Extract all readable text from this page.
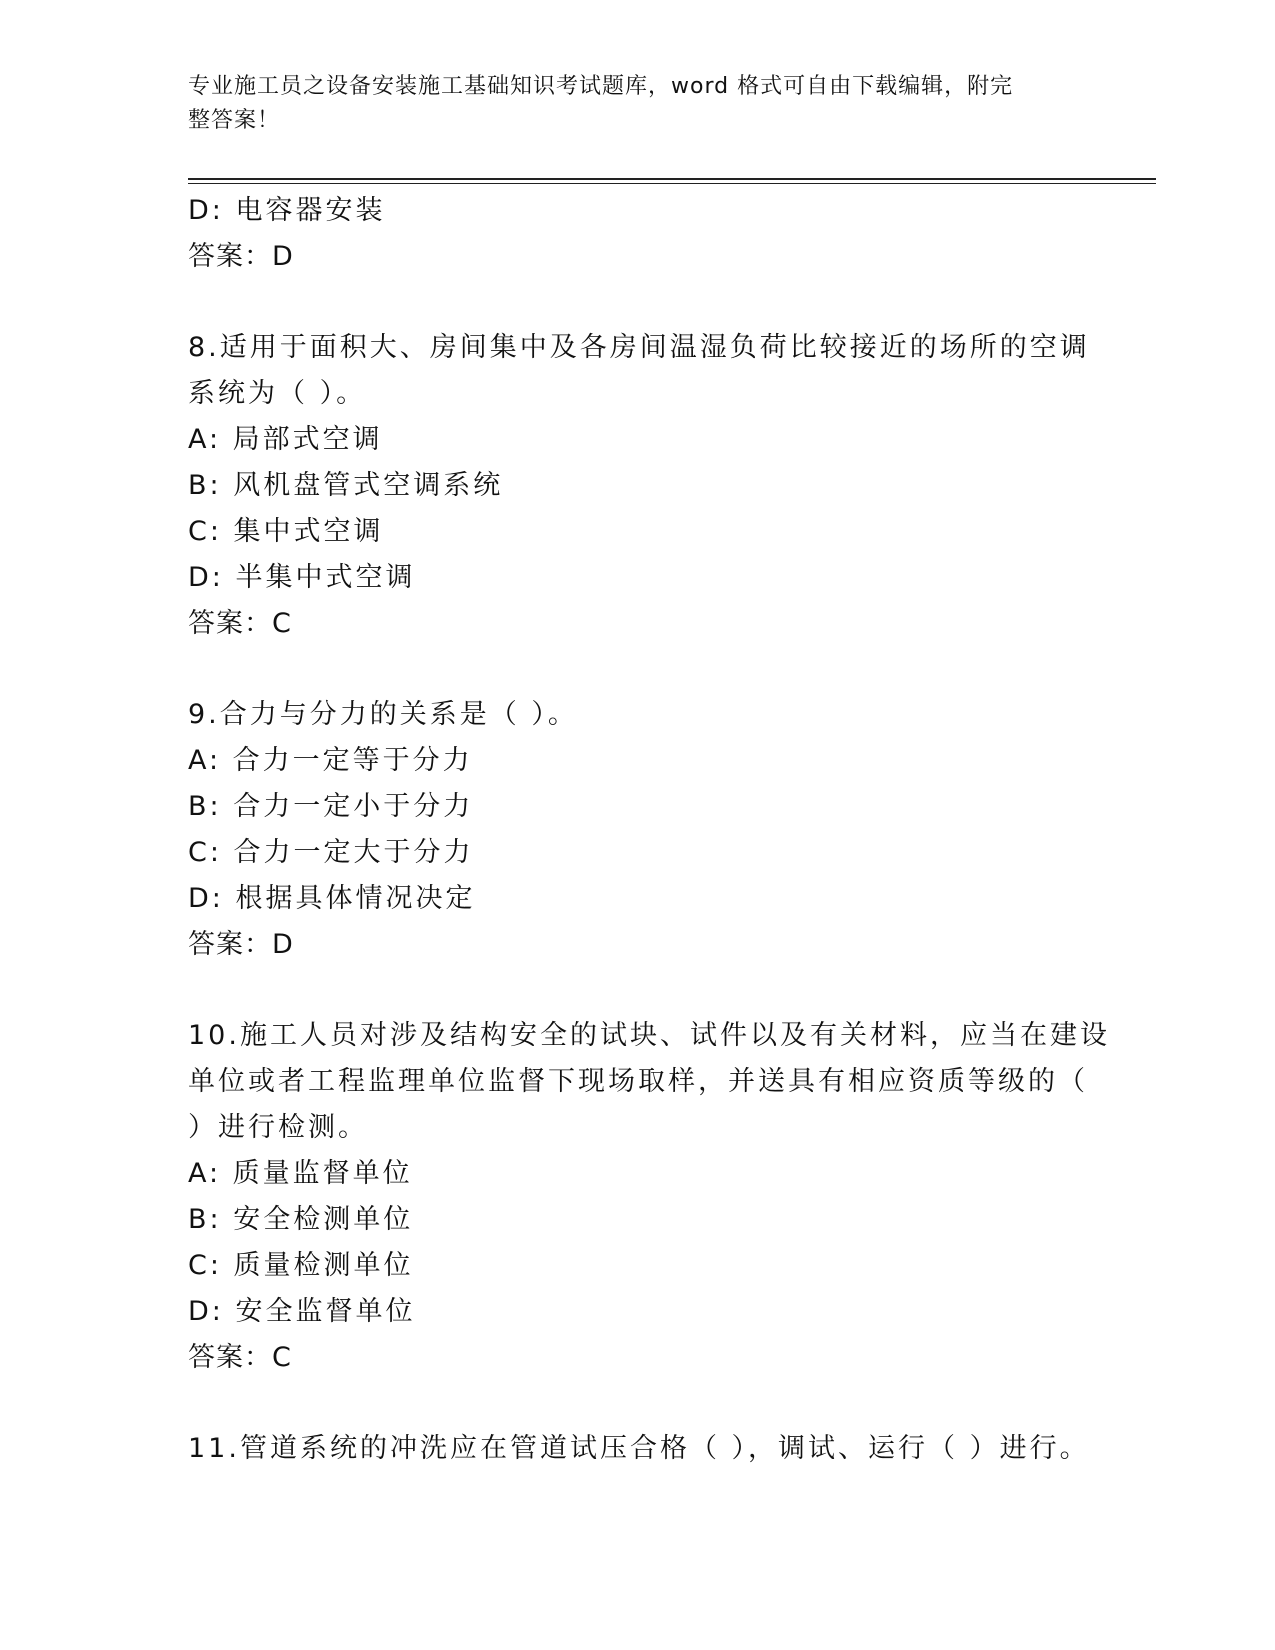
专业施工员之设备安装施工基础知识考试题库，word 格式可自由下载编辑，附完
整答案！
D: 电容器安装
答案：D
8.适用于面积大、房间集中及各房间温湿负荷比较接近的场所的空调
系统为（ ）。
A: 局部式空调
B: 风机盘管式空调系统
C: 集中式空调
D: 半集中式空调
答案：C
9.合力与分力的关系是（ ）。
A: 合力一定等于分力
B: 合力一定小于分力
C: 合力一定大于分力
D: 根据具体情况决定
答案：D
10.施工人员对涉及结构安全的试块、试件以及有关材料，应当在建设
单位或者工程监理单位监督下现场取样，并送具有相应资质等级的（
）进行检测。
A: 质量监督单位
B: 安全检测单位
C: 质量检测单位
D: 安全监督单位
答案：C
11.管道系统的冲洗应在管道试压合格（ ），调试、运行（ ）进行。
